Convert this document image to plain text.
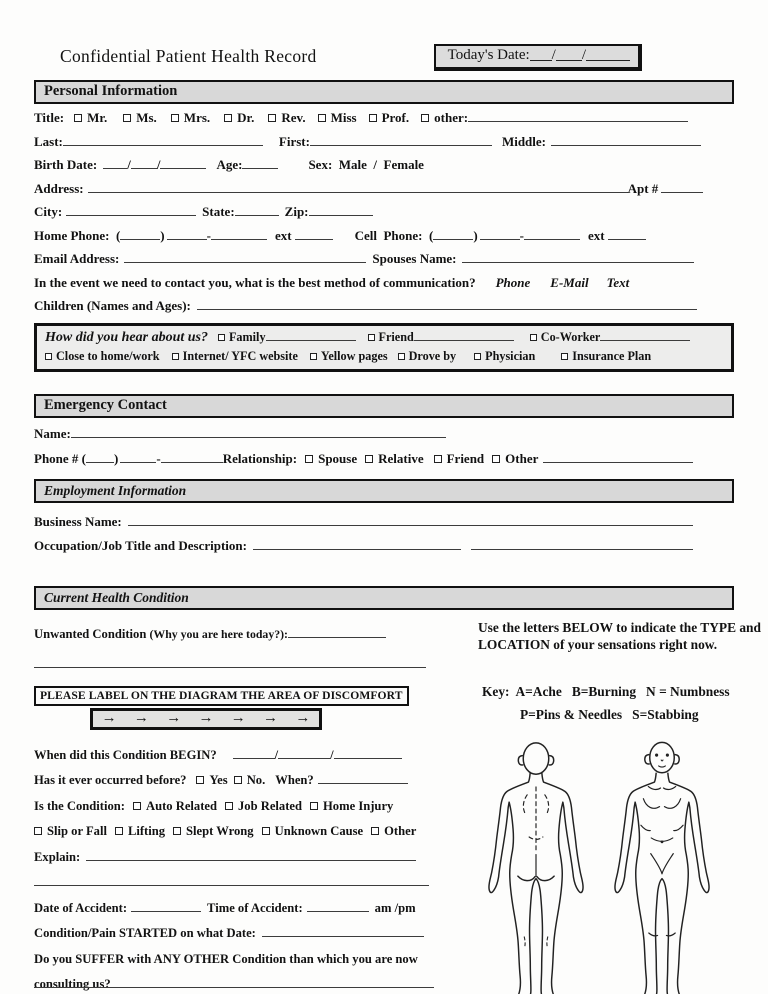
Confidential Patient Health Record	Today's Date: / /
Personal Information
Title: Mr. Ms. Mrs. Dr. Rev. Miss Prof. other:
Last:	First:	Middle:
Birth Date: / /	Age:	Sex:  Male  /  Female
Address:	Apt #
City:	State:	Zip:
Home Phone:  (	)	-	ext	Cell  Phone:  (	)	-	ext
Email Address:	Spouses Name:
In the event we need to contact you, what is the best method of communication? Phone E-Mail Text
Children (Names and Ages):
How did you hear about us? Family	Friend	Co-Worker
Close to home/work Internet/ YFC website Yellow pages Drove by Physician	Insurance Plan
Emergency Contact
Name:
Phone # ( )	-	Relationship: Spouse Relative Friend Other
Employment Information
Business Name:
Occupation/Job Title and Description:
Current Health Condition
Unwanted Condition (Why you are here today?):
PLEASE LABEL ON THE DIAGRAM THE AREA OF DISCOMFORT
→ → → → → → →
When did this Condition BEGIN?	/	/
Has it ever occurred before? Yes No. When?
Is the Condition: Auto Related Job Related Home Injury
Slip or Fall Lifting Slept Wrong Unknown Cause Other
Explain:
Date of Accident:	Time of Accident:	am /pm
Condition/Pain STARTED on what Date:
Do you SUFFER with ANY OTHER Condition than which you are now consulting us?
Use the letters BELOW to indicate the TYPE and LOCATION of your sensations right now.
Key:  A=Ache   B=Burning   N = Numbness
P=Pins & Needles   S=Stabbing
